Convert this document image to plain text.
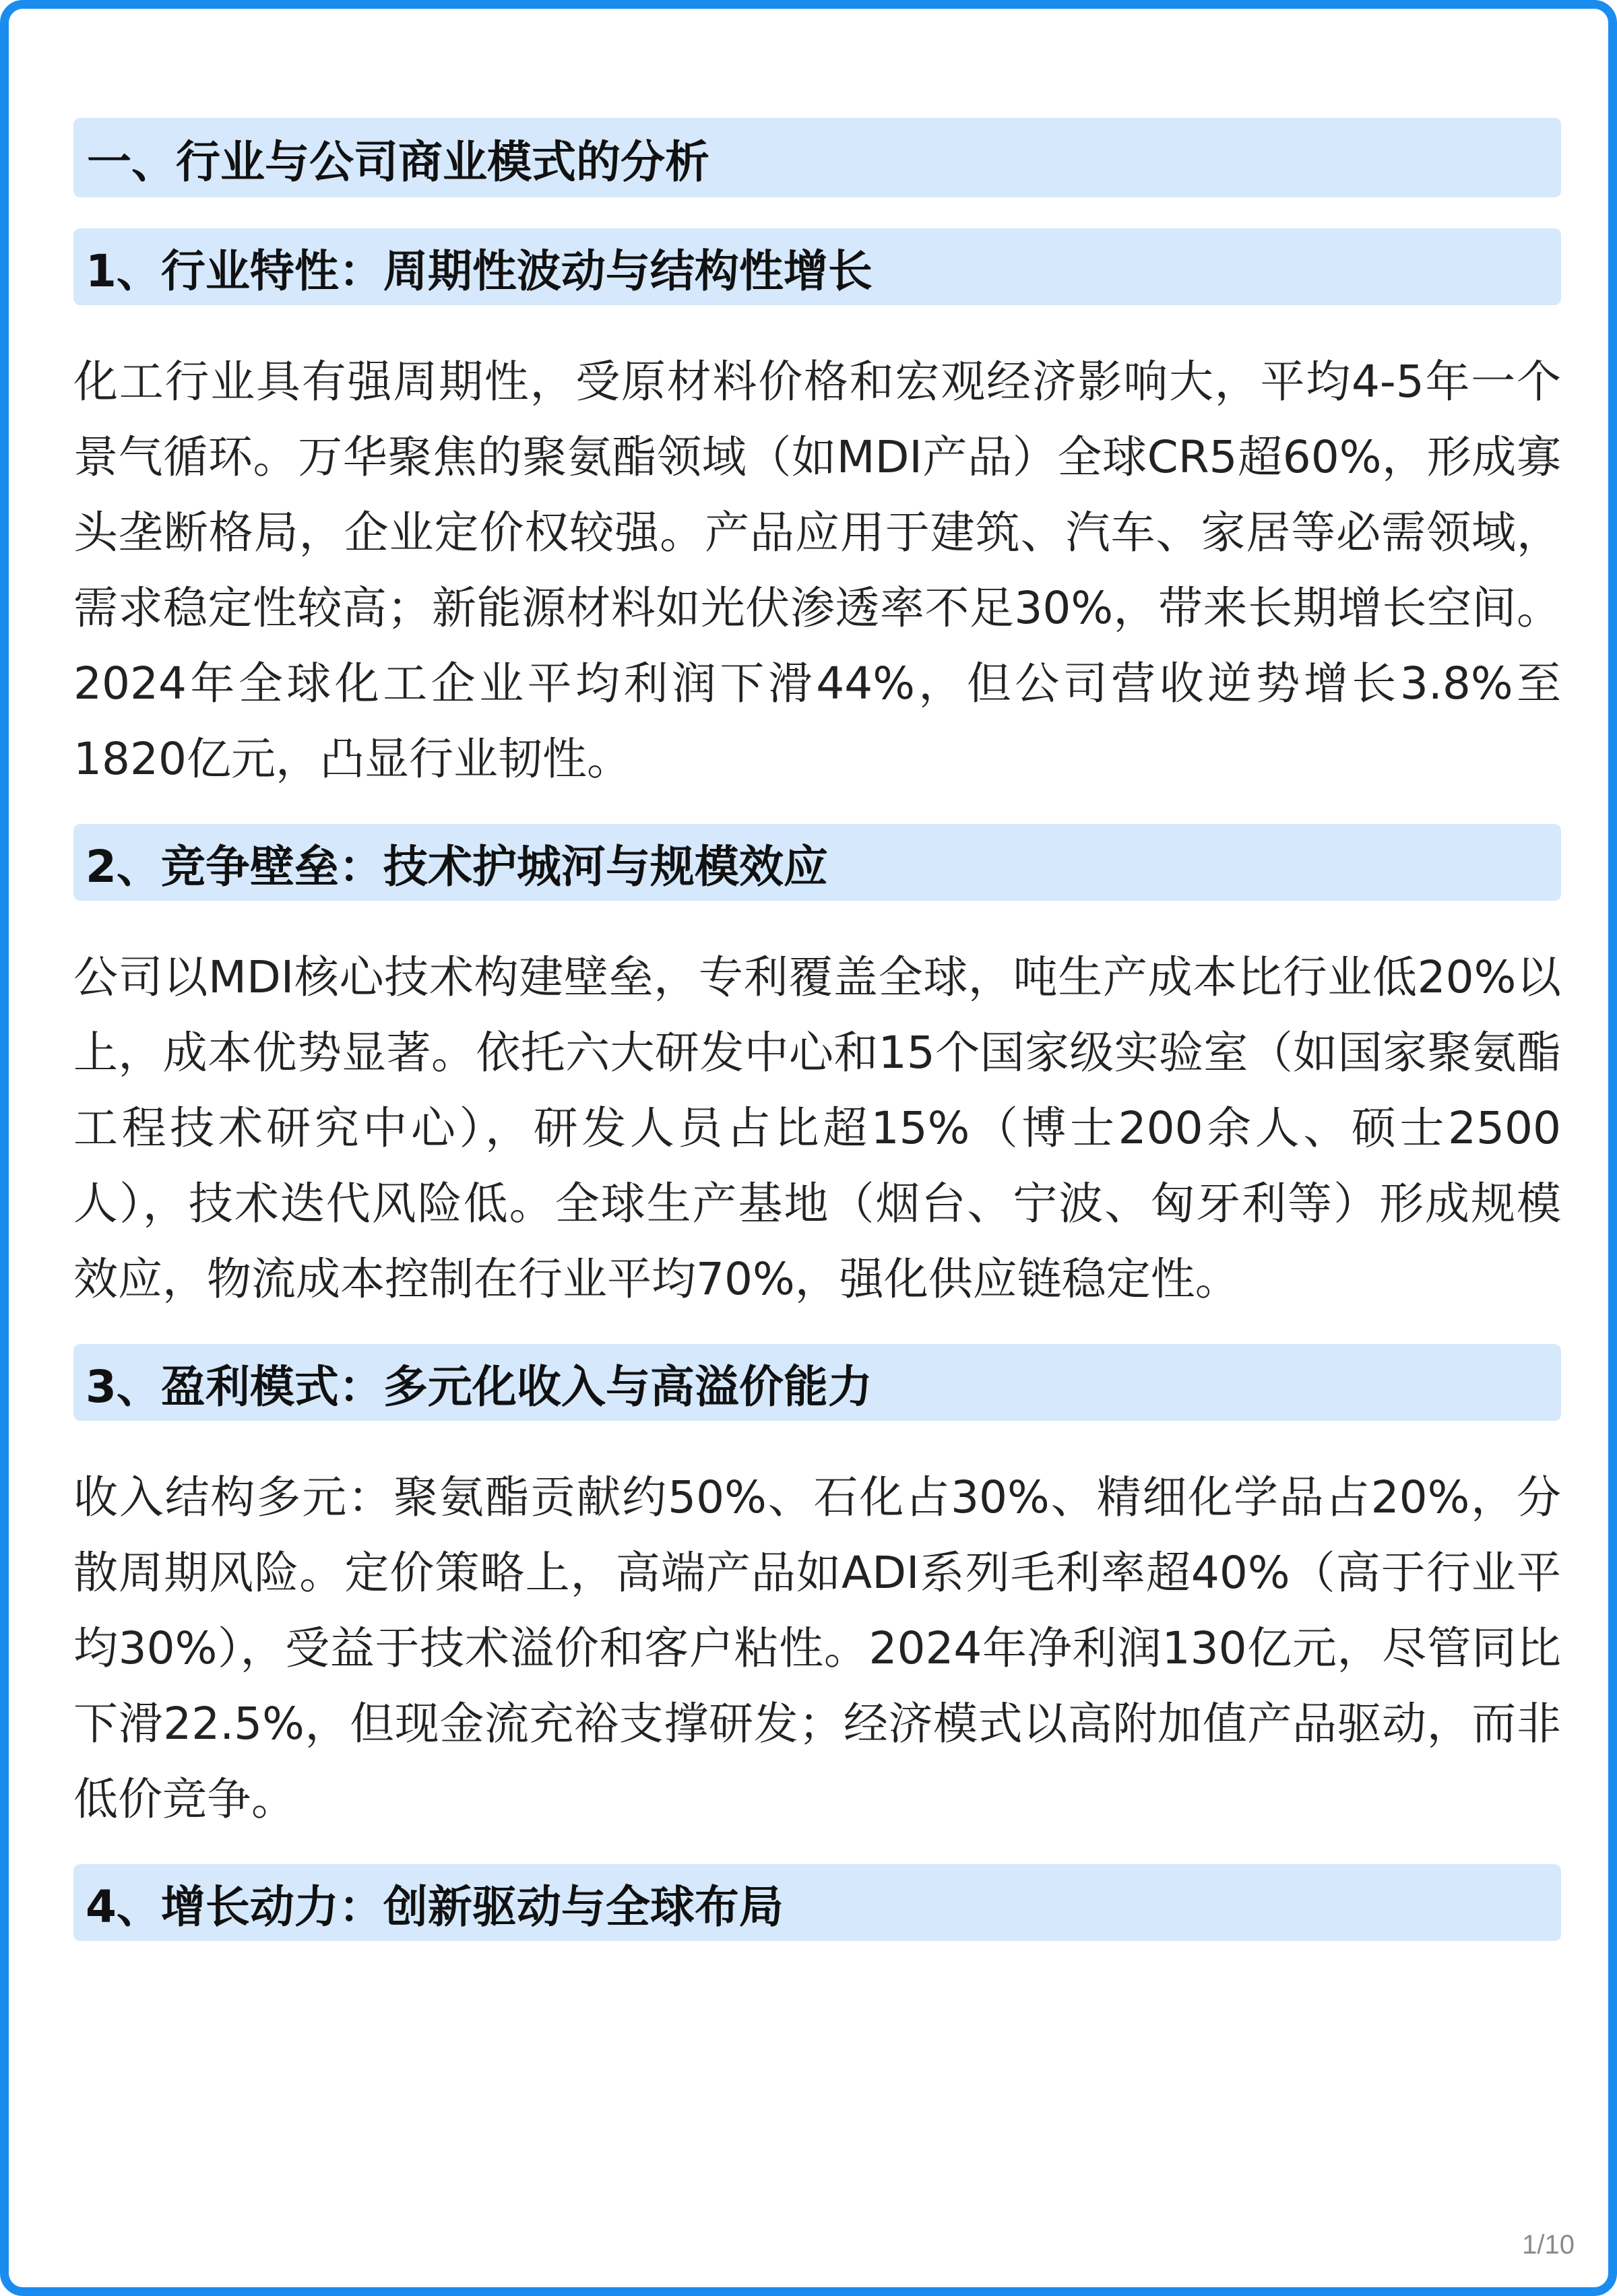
一、行业与公司商业模式的分析
1、行业特性：周期性波动与结构性增长

化工行业具有强周期性，受原材料价格和宏观经济影响大，平均4-5年一个景气循环。万华聚焦的聚氨酯领域（如MDI产品）全球CR5超60%，形成寡头垄断格局，企业定价权较强。产品应用于建筑、汽车、家居等必需领域，需求稳定性较高；新能源材料如光伏渗透率不足30%，带来长期增长空间。2024年全球化工企业平均利润下滑44%，但公司营收逆势增长3.8%至1820亿元，凸显行业韧性。

2、竞争壁垒：技术护城河与规模效应

公司以MDI核心技术构建壁垒，专利覆盖全球，吨生产成本比行业低20%以上，成本优势显著。依托六大研发中心和15个国家级实验室（如国家聚氨酯工程技术研究中心），研发人员占比超15%（博士200余人、硕士2500人），技术迭代风险低。全球生产基地（烟台、宁波、匈牙利等）形成规模效应，物流成本控制在行业平均70%，强化供应链稳定性。

3、盈利模式：多元化收入与高溢价能力

收入结构多元：聚氨酯贡献约50%、石化占30%、精细化学品占20%，分散周期风险。定价策略上，高端产品如ADI系列毛利率超40%（高于行业平均30%），受益于技术溢价和客户粘性。2024年净利润130亿元，尽管同比下滑22.5%，但现金流充裕支撑研发；经济模式以高附加值产品驱动，而非低价竞争。

4、增长动力：创新驱动与全球布局
1/10
